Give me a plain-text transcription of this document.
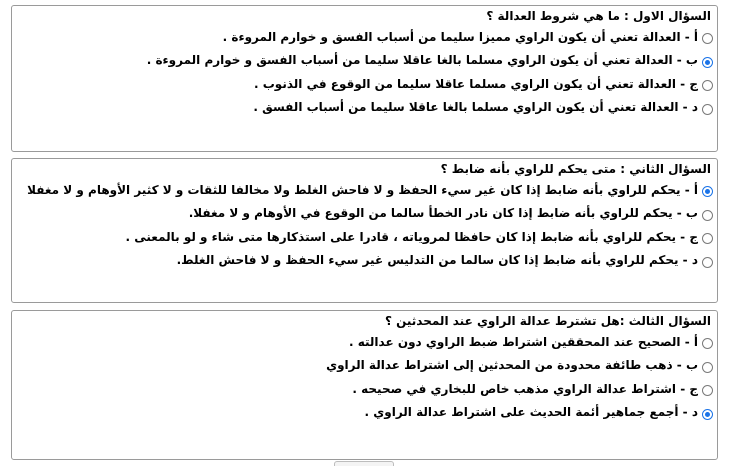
السؤال الاول : ما هي شروط العدالة ؟
أ - العدالة تعني أن يكون الراوي مميزا سليما من أسباب الفسق و خوارم المروءة .
ب - العدالة تعني أن يكون الراوي مسلما بالغا عاقلا سليما من أسباب الفسق و خوارم المروءة .
ج - العدالة تعني أن يكون الراوي مسلما عاقلا سليما من الوقوع في الذنوب .
د - العدالة تعني أن يكون الراوي مسلما بالغا عاقلا سليما من أسباب الفسق .
السؤال الثاني : متى يحكم للراوي بأنه ضابط ؟
أ - يحكم للراوي بأنه ضابط إذا كان غير سيء الحفظ و لا فاحش الغلط ولا مخالفا للثقات و لا كثير الأوهام و لا مغفلا
ب - يحكم للراوي بأنه ضابط إذا كان نادر الخطأ سالما من الوقوع في الأوهام و لا مغفلا.
ج - يحكم للراوي بأنه ضابط إذا كان حافظا لمروياته ، قادرا على استذكارها متى شاء و لو بالمعنى .
د - يحكم للراوي بأنه ضابط إذا كان سالما من التدليس غير سيء الحفظ و لا فاحش الغلط.
السؤال الثالث :هل تشترط عدالة الراوي عند المحدثين ؟
أ - الصحيح عند المحققين اشتراط ضبط الراوي دون عدالته .
ب - ذهب طائفة محدودة من المحدثين إلى اشتراط عدالة الراوي
ج - اشتراط عدالة الراوي مذهب خاص للبخاري في صحيحه .
د - أجمع جماهير أئمة الحديث على اشتراط عدالة الراوي .
